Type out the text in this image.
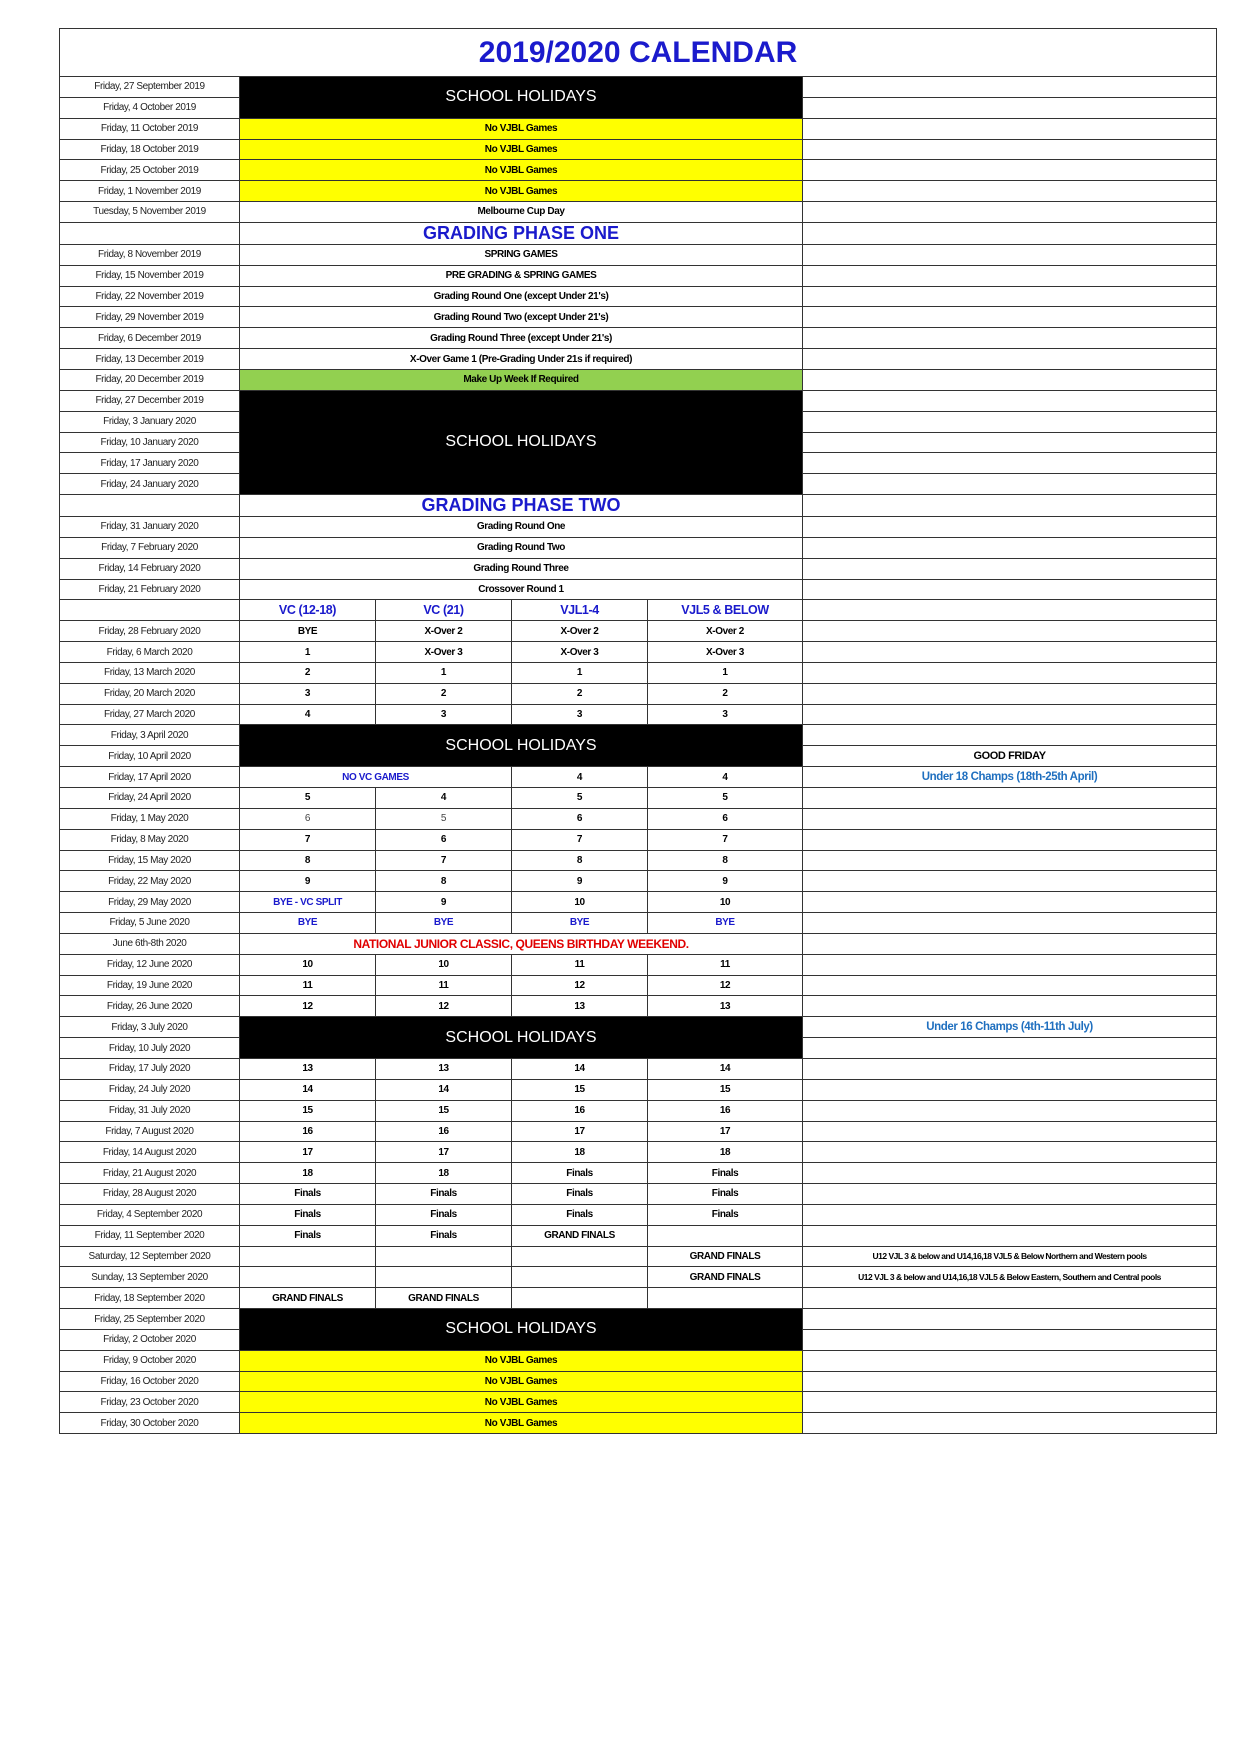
2019/2020 CALENDAR					
Friday, 27 September 2019	SCHOOL HOLIDAYS				
Friday, 4 October 2019					
Friday, 11 October 2019	No VJBL Games				
Friday, 18 October 2019	No VJBL Games				
Friday, 25 October 2019	No VJBL Games				
Friday, 1 November 2019	No VJBL Games				
Tuesday, 5 November 2019	Melbourne Cup Day				
	GRADING PHASE ONE				
Friday, 8 November 2019	SPRING GAMES				
Friday, 15 November 2019	PRE GRADING & SPRING GAMES				
Friday, 22 November 2019	Grading Round One (except Under 21's)				
Friday, 29 November 2019	Grading Round Two (except Under 21's)				
Friday, 6 December 2019	Grading Round Three (except Under 21's)				
Friday, 13 December 2019	X-Over Game 1 (Pre-Grading Under 21s if required)				
Friday, 20 December 2019	Make Up Week If Required				
Friday, 27 December 2019	SCHOOL HOLIDAYS				
Friday, 3 January 2020					
Friday, 10 January 2020					
Friday, 17 January 2020					
Friday, 24 January 2020					
	GRADING PHASE TWO				
Friday, 31 January 2020	Grading Round One				
Friday, 7 February 2020	Grading Round Two				
Friday, 14 February 2020	Grading Round Three				
Friday, 21 February 2020	Crossover Round 1				
	VC (12-18)	VC (21)	VJL1-4	VJL5 & BELOW	
Friday, 28 February 2020	BYE	X-Over 2	X-Over 2	X-Over 2	
Friday, 6 March 2020	1	X-Over 3	X-Over 3	X-Over 3	
Friday, 13 March 2020	2	1	1	1	
Friday, 20 March 2020	3	2	2	2	
Friday, 27 March 2020	4	3	3	3	
Friday, 3 April 2020	SCHOOL HOLIDAYS				
Friday, 10 April 2020					GOOD FRIDAY
Friday, 17 April 2020	NO VC GAMES		4	4	Under 18 Champs (18th-25th April)
Friday, 24 April 2020	5	4	5	5	
Friday, 1 May 2020	6	5	6	6	
Friday, 8 May 2020	7	6	7	7	
Friday, 15 May 2020	8	7	8	8	
Friday, 22 May 2020	9	8	9	9	
Friday, 29 May 2020	BYE - VC SPLIT	9	10	10	
Friday, 5 June 2020	BYE	BYE	BYE	BYE	
June 6th-8th 2020	NATIONAL JUNIOR CLASSIC, QUEENS BIRTHDAY WEEKEND.				
Friday, 12 June 2020	10	10	11	11	
Friday, 19 June 2020	11	11	12	12	
Friday, 26 June 2020	12	12	13	13	
Friday, 3 July 2020	SCHOOL HOLIDAYS				Under 16 Champs (4th-11th July)
Friday, 10 July 2020					
Friday, 17 July 2020	13	13	14	14	
Friday, 24 July 2020	14	14	15	15	
Friday, 31 July 2020	15	15	16	16	
Friday, 7 August 2020	16	16	17	17	
Friday, 14 August 2020	17	17	18	18	
Friday, 21 August 2020	18	18	Finals	Finals	
Friday, 28 August 2020	Finals	Finals	Finals	Finals	
Friday, 4 September 2020	Finals	Finals	Finals	Finals	
Friday, 11 September 2020	Finals	Finals	GRAND FINALS		
Saturday, 12 September 2020				GRAND FINALS	U12 VJL 3 & below and U14,16,18 VJL5 & Below Northern and Western pools
Sunday, 13 September 2020				GRAND FINALS	U12 VJL 3 & below and U14,16,18 VJL5 & Below Eastern, Southern and Central pools
Friday, 18 September 2020	GRAND FINALS	GRAND FINALS			
Friday, 25 September 2020	SCHOOL HOLIDAYS				
Friday, 2 October 2020					
Friday, 9 October 2020	No VJBL Games				
Friday, 16 October 2020	No VJBL Games				
Friday, 23 October 2020	No VJBL Games				
Friday, 30 October 2020	No VJBL Games				
